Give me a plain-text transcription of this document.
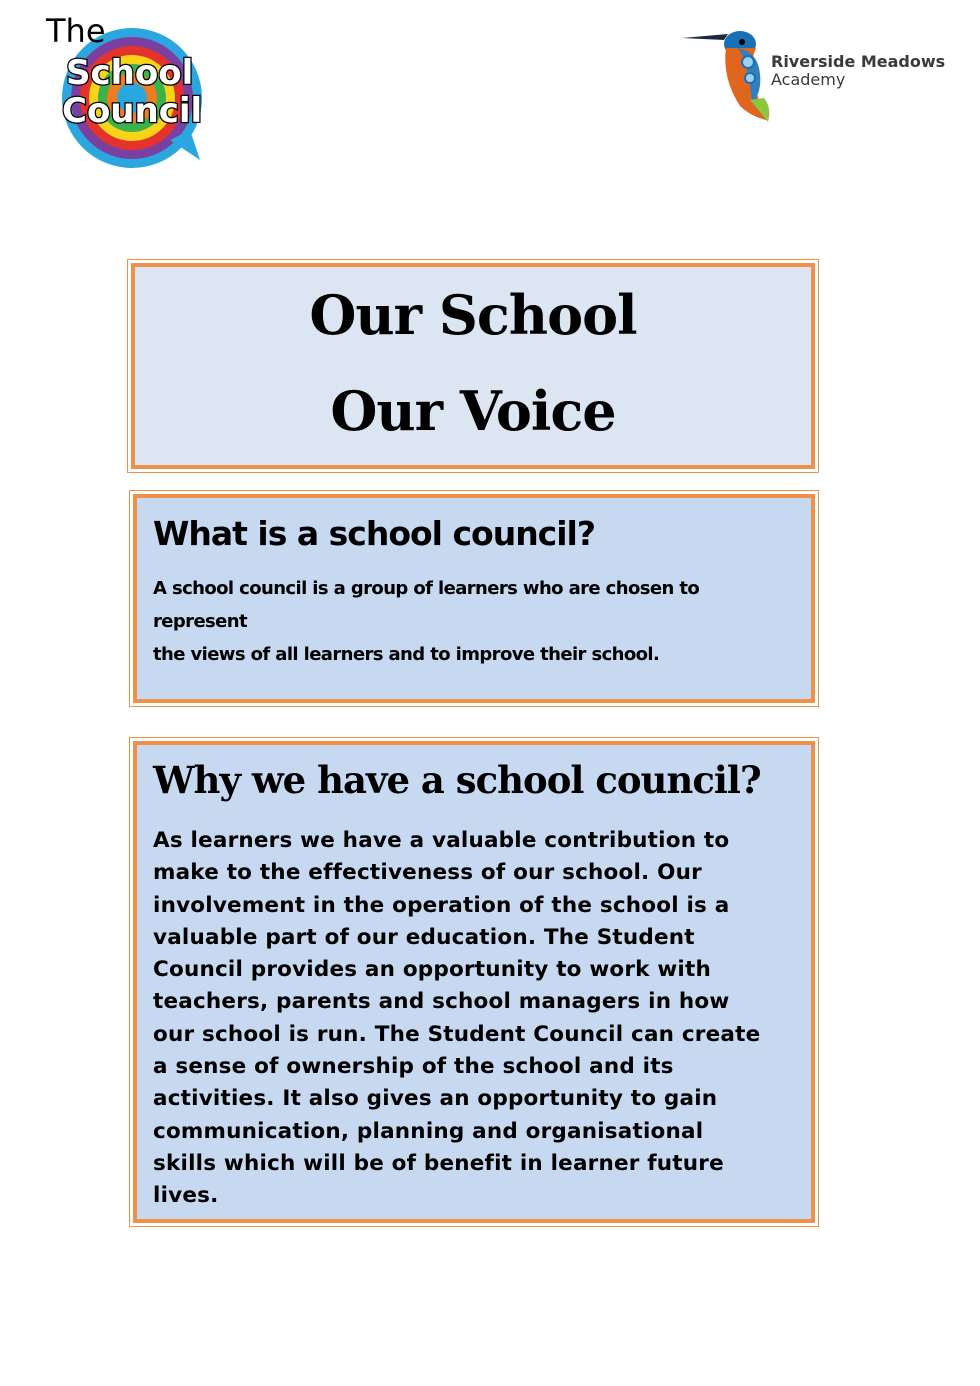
The
School
Council
Riverside Meadows
Academy
Our School
Our Voice
What is a school council?

A school council is a group of learners who are chosen to represent
the views of all learners and to improve their school.

Why we have a school council?

As learners we have a valuable contribution to
make to the effectiveness of our school. Our
involvement in the operation of the school is a
valuable part of our education. The Student
Council provides an opportunity to work with
teachers, parents and school managers in how
our school is run. The Student Council can create
a sense of ownership of the school and its
activities. It also gives an opportunity to gain
communication, planning and organisational
skills which will be of benefit in learner future
lives.
